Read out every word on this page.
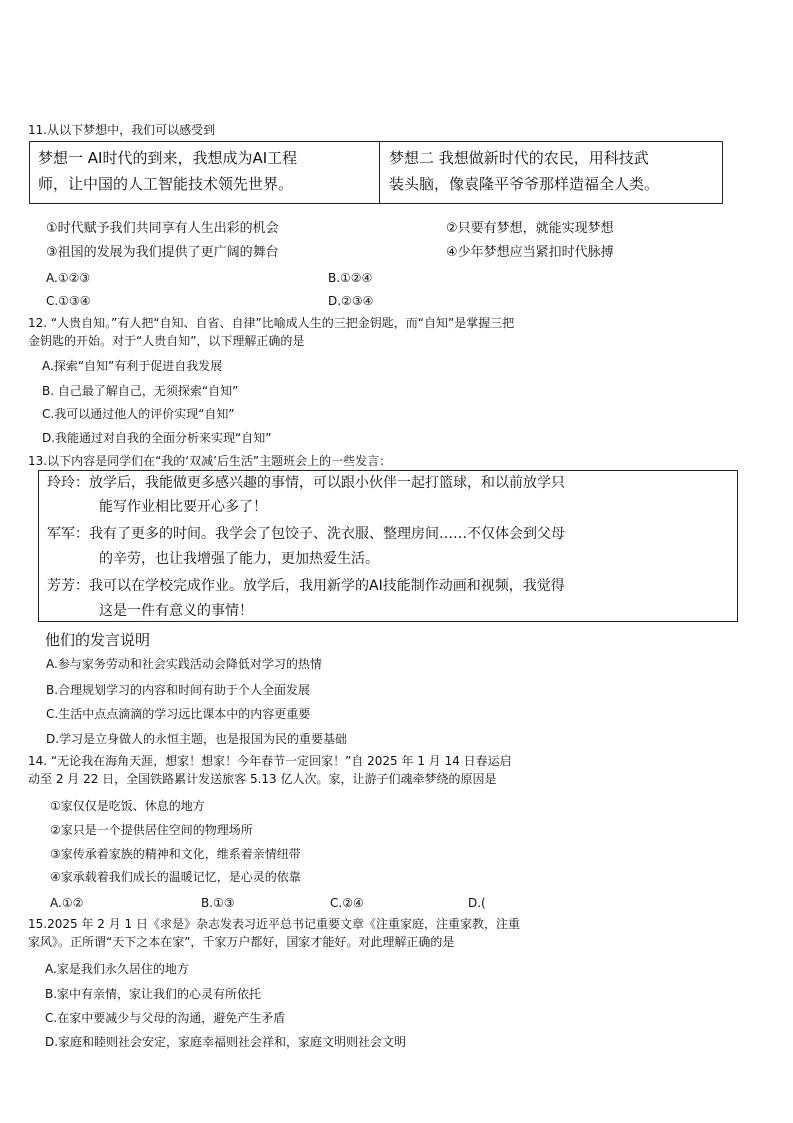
11.从以下梦想中，我们可以感受到
梦想一 AI时代的到来，我想成为AI工程
师，让中国的人工智能技术领先世界。
梦想二 我想做新时代的农民，用科技武
装头脑，像袁隆平爷爷那样造福全人类。
①时代赋予我们共同享有人生出彩的机会	②只要有梦想，就能实现梦想
③祖国的发展为我们提供了更广阔的舞台	④少年梦想应当紧扣时代脉搏
A.①②③	B.①②④
C.①③④	D.②③④
12. “人贵自知。”有人把“自知、自省、自律”比喻成人生的三把金钥匙，而“自知”是掌握三把
金钥匙的开始。对于“人贵自知”，以下理解正确的是
A.探索“自知”有利于促进自我发展
B. 自己最了解自己，无须探索“自知”
C.我可以通过他人的评价实现“自知”
D.我能通过对自我的全面分析来实现“自知”
13.以下内容是同学们在“我的‘双减’后生活”主题班会上的一些发言：
玲玲：放学后，我能做更多感兴趣的事情，可以跟小伙伴一起打篮球，和以前放学只
能写作业相比要开心多了！
军军：我有了更多的时间。我学会了包饺子、洗衣服、整理房间……不仅体会到父母
的辛劳，也让我增强了能力，更加热爱生活。
芳芳：我可以在学校完成作业。放学后，我用新学的AI技能制作动画和视频，我觉得
这是一件有意义的事情！
他们的发言说明
A.参与家务劳动和社会实践活动会降低对学习的热情
B.合理规划学习的内容和时间有助于个人全面发展
C.生活中点点滴滴的学习远比课本中的内容更重要
D.学习是立身做人的永恒主题，也是报国为民的重要基础
14. “无论我在海角天涯，想家！想家！今年春节一定回家！”自 2025 年 1 月 14 日春运启
动至 2 月 22 日，全国铁路累计发送旅客 5.13 亿人次。家，让游子们魂牵梦绕的原因是
①家仅仅是吃饭、休息的地方
②家只是一个提供居住空间的物理场所
③家传承着家族的精神和文化，维系着亲情纽带
④家承载着我们成长的温暖记忆，是心灵的依靠
A.①②	B.①③	C.②④	D.(
15.2025 年 2 月 1 日《求是》杂志发表习近平总书记重要文章《注重家庭，注重家教，注重
家风》。正所谓“天下之本在家”，千家万户都好，国家才能好。对此理解正确的是
A.家是我们永久居住的地方
B.家中有亲情，家让我们的心灵有所依托
C.在家中要减少与父母的沟通，避免产生矛盾
D.家庭和睦则社会安定，家庭幸福则社会祥和，家庭文明则社会文明
